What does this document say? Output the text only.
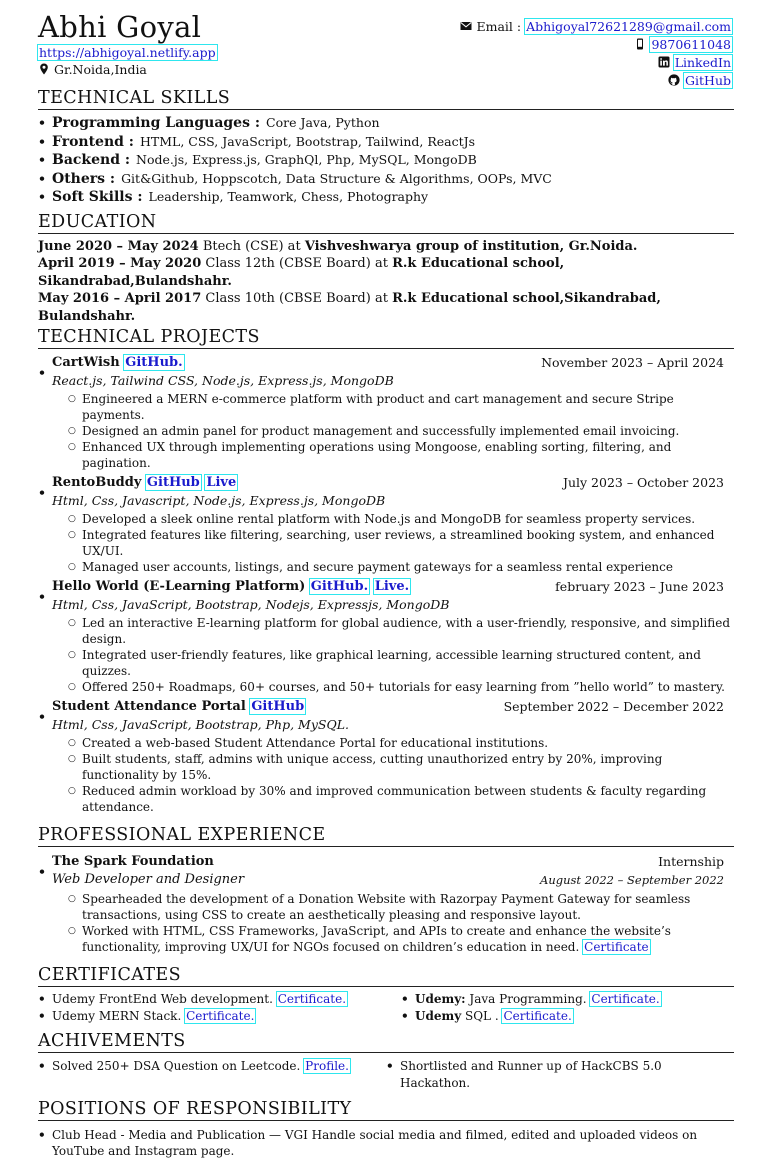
Abhi Goyal
https://abhigoyal.netlify.app
Gr.Noida,India
Email : Abhigoyal72621289@gmail.com
9870611048
LinkedIn
GitHub
TECHNICAL SKILLS
• Programming Languages : Core Java, Python
• Frontend : HTML, CSS, JavaScript, Bootstrap, Tailwind, ReactJs
• Backend : Node.js, Express.js, GraphQl, Php, MySQL, MongoDB
• Others : Git&Github, Hoppscotch, Data Structure & Algorithms, OOPs, MVC
• Soft Skills : Leadership, Teamwork, Chess, Photography
EDUCATION
June 2020 – May 2024 Btech (CSE) at Vishveshwarya group of institution, Gr.Noida.
April 2019 – May 2020 Class 12th (CBSE Board) at R.k Educational school, Sikandrabad,Bulandshahr.
May 2016 – April 2017 Class 10th (CBSE Board) at R.k Educational school,Sikandrabad, Bulandshahr.
TECHNICAL PROJECTS
•
CartWish GitHub.	November 2023 – April 2024
React.js, Tailwind CSS, Node.js, Express.js, MongoDB
○ Engineered a MERN e-commerce platform with product and cart management and secure Stripe payments.
○ Designed an admin panel for product management and successfully implemented email invoicing.
○ Enhanced UX through implementing operations using Mongoose, enabling sorting, filtering, and pagination.
•
RentoBuddy GitHub Live	July 2023 – October 2023
Html, Css, Javascript, Node.js, Express.js, MongoDB
○ Developed a sleek online rental platform with Node.js and MongoDB for seamless property services.
○ Integrated features like filtering, searching, user reviews, a streamlined booking system, and enhanced UX/UI.
○ Managed user accounts, listings, and secure payment gateways for a seamless rental experience
•
Hello World (E-Learning Platform) GitHub. Live.	february 2023 – June 2023
Html, Css, JavaScript, Bootstrap, Nodejs, Expressjs, MongoDB
○ Led an interactive E-learning platform for global audience, with a user-friendly, responsive, and simplified design.
○ Integrated user-friendly features, like graphical learning, accessible learning structured content, and quizzes.
○ Offered 250+ Roadmaps, 60+ courses, and 50+ tutorials for easy learning from ”hello world” to mastery.
•
Student Attendance Portal GitHub	September 2022 – December 2022
Html, Css, JavaScript, Bootstrap, Php, MySQL.
○ Created a web-based Student Attendance Portal for educational institutions.
○ Built students, staff, admins with unique access, cutting unauthorized entry by 20%, improving functionality by 15%.
○ Reduced admin workload by 30% and improved communication between students & faculty regarding attendance.
PROFESSIONAL EXPERIENCE
•
The Spark Foundation	Internship
Web Developer and Designer	August 2022 – September 2022
○ Spearheaded the development of a Donation Website with Razorpay Payment Gateway for seamless transactions, using CSS to create an aesthetically pleasing and responsive layout.
○ Worked with HTML, CSS Frameworks, JavaScript, and APIs to create and enhance the website’s functionality, improving UX/UI for NGOs focused on children’s education in need. Certificate
CERTIFICATES
• Udemy FrontEnd Web development. Certificate.
• Udemy MERN Stack. Certificate.
• Udemy: Java Programming. Certificate.
• Udemy SQL . Certificate.
ACHIVEMENTS
• Solved 250+ DSA Question on Leetcode. Profile.
•	Shortlisted and Runner up of HackCBS 5.0 Hackathon.
POSITIONS OF RESPONSIBILITY
• Club Head - Media and Publication — VGI Handle social media and filmed, edited and uploaded videos on YouTube and Instagram page.
